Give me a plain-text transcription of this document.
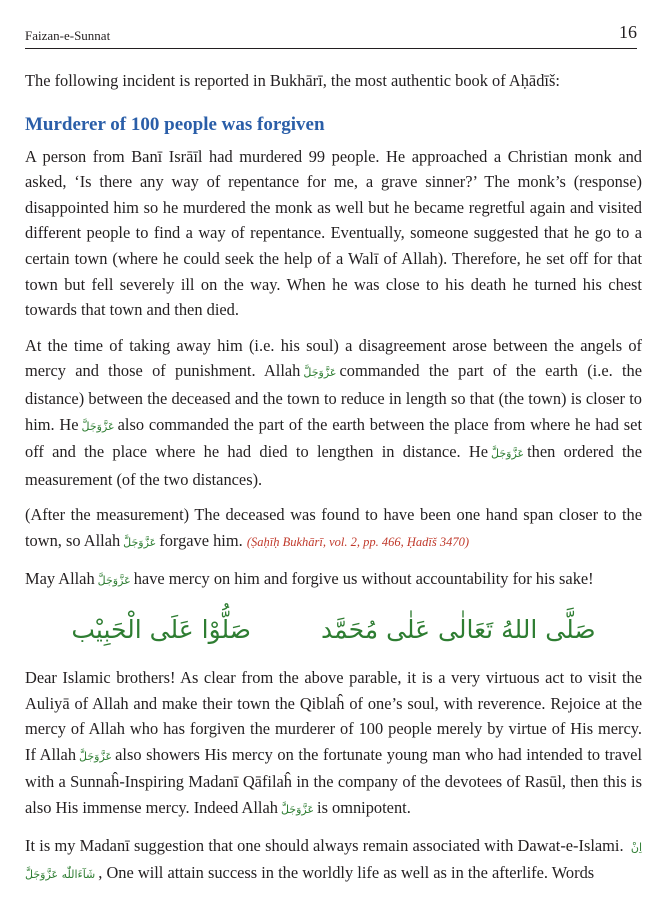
Faizan-e-Sunnat	16

The following incident is reported in Bukhārī, the most authentic book of Aḥādīš:

Murderer of 100 people was forgiven

A person from Banī Isrāīl had murdered 99 people. He approached a Christian monk and asked, ‘Is there any way of repentance for me, a grave sinner?’ The monk’s (response) disappointed him so he murdered the monk as well but he became regretful again and visited different people to find a way of repentance. Eventually, someone suggested that he go to a certain town (where he could seek the help of a Walī of Allah). Therefore, he set off for that town but fell severely ill on the way. When he was close to his death he turned his chest towards that town and then died.

At the time of taking away him (i.e. his soul) a disagreement arose between the angels of mercy and those of punishment. Allah عَزَّوَجَلَّ commanded the part of the earth (i.e. the distance) between the deceased and the town to reduce in length so that (the town) is closer to him. He عَزَّوَجَلَّ also commanded the part of the earth between the place from where he had set off and the place where he had died to lengthen in distance. He عَزَّوَجَلَّ then ordered the measurement (of the two distances).

(After the measurement) The deceased was found to have been one hand span closer to the town, so Allah عَزَّوَجَلَّ forgave him. (Ṣaḥīḥ Bukhārī, vol. 2, pp. 466, Ḥadīš 3470)

May Allah عَزَّوَجَلَّ have mercy on him and forgive us without accountability for his sake!

صَلُّوْا عَلَی الْحَبِيْب	صَلَّى اللهُ تَعَالٰى عَلٰى مُحَمَّد

Dear Islamic brothers! As clear from the above parable, it is a very virtuous act to visit the Auliyā of Allah and make their town the Qiblaĥ of one’s soul, with reverence. Rejoice at the mercy of Allah who has forgiven the murderer of 100 people merely by virtue of His mercy. If Allah عَزَّوَجَلَّ also showers His mercy on the fortunate young man who had intended to travel with a Sunnaĥ-Inspiring Madanī Qāfilaĥ in the company of the devotees of Rasūl, then this is also His immense mercy. Indeed Allah عَزَّوَجَلَّ is omnipotent.

It is my Madanī suggestion that one should always remain associated with Dawat-e-Islami. اِنْ شَآءَاللّٰه عَزَّوَجَلَّ , One will attain success in the worldly life as well as in the afterlife. Words
